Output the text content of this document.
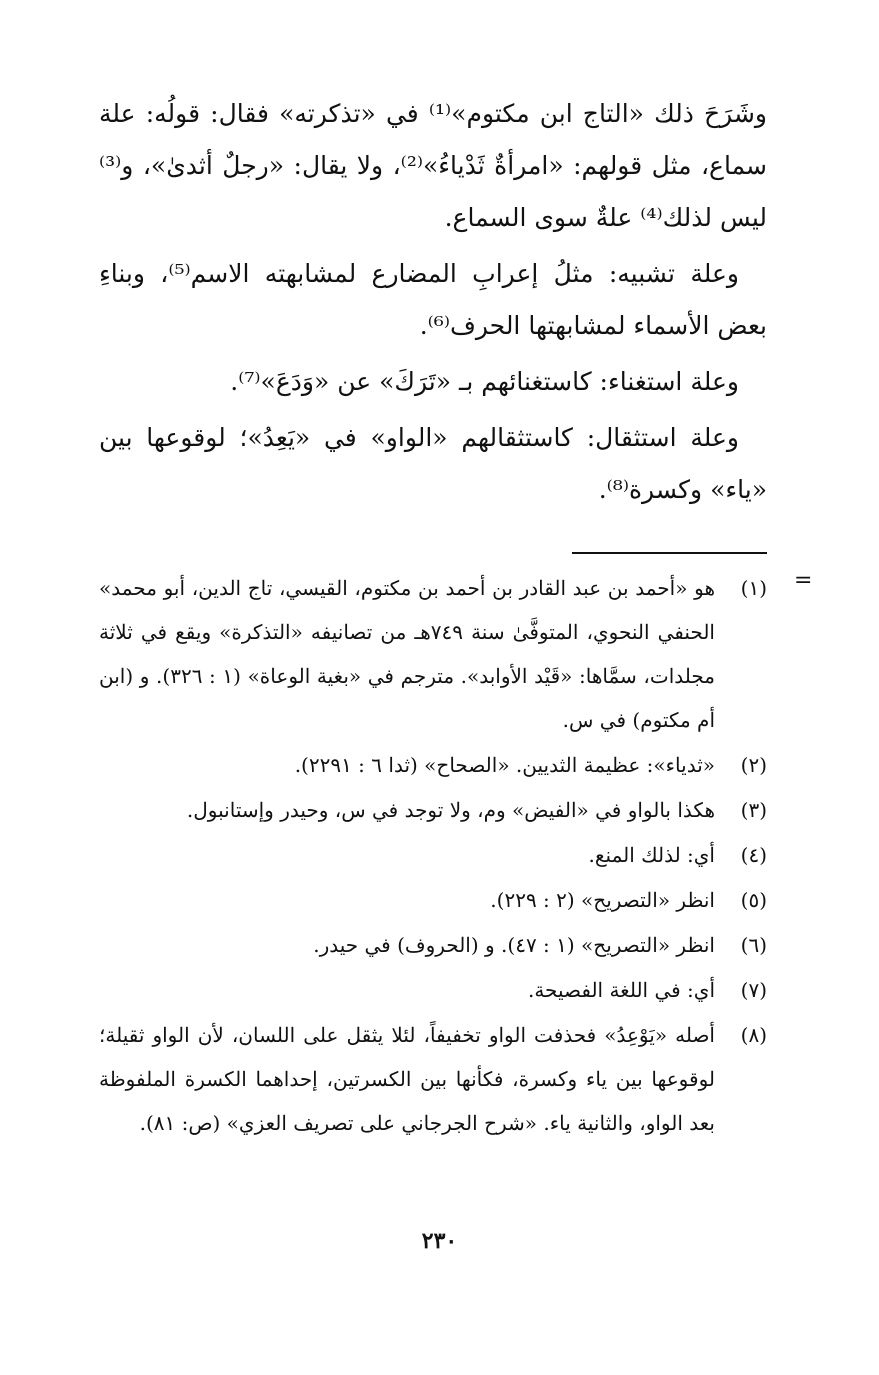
وشَرَحَ ذلك «التاج ابن مكتوم»⁽¹⁾ في «تذكرته» فقال: قولُه: علة سماع، مثل قولهم: «امرأةٌ ثَدْياءُ»⁽²⁾، ولا يقال: «رجلٌ أثدىٰ»، و⁽³⁾ ليس لذلك⁽⁴⁾ علةٌ سوى السماع.

وعلة تشبيه: مثلُ إعرابِ المضارع لمشابهته الاسم⁽⁵⁾، وبناءِ بعض الأسماء لمشابهتها الحرف⁽⁶⁾.

وعلة استغناء: كاستغنائهم بـ «تَرَكَ» عن «وَدَعَ»⁽⁷⁾.

وعلة استثقال: كاستثقالهم «الواو» في «يَعِدُ»؛ لوقوعها بين «ياء» وكسرة⁽⁸⁾.

=
(١)
هو «أحمد بن عبد القادر بن أحمد بن مكتوم، القيسي، تاج الدين، أبو محمد» الحنفي النحوي، المتوفَّىٰ سنة ٧٤٩هـ من تصانيفه «التذكرة» ويقع في ثلاثة مجلدات، سمَّاها: «قَيْد الأوابد». مترجم في «بغية الوعاة» (١ : ٣٢٦). و (ابن أم مكتوم) في س.
(٢)
«ثدياء»: عظيمة الثديين. «الصحاح» (ثدا ٦ : ٢٢٩١).
(٣)
هكذا بالواو في «الفيض» وم، ولا توجد في س، وحيدر وإستانبول.
(٤)
أي: لذلك المنع.
(٥)
انظر «التصريح» (٢ : ٢٢٩).
(٦)
انظر «التصريح» (١ : ٤٧). و (الحروف) في حيدر.
(٧)
أي: في اللغة الفصيحة.
(٨)
أصله «يَوْعِدُ» فحذفت الواو تخفيفاً، لئلا يثقل على اللسان، لأن الواو ثقيلة؛ لوقوعها بين ياء وكسرة، فكأنها بين الكسرتين، إحداهما الكسرة الملفوظة بعد الواو، والثانية ياء. «شرح الجرجاني على تصريف العزي» (ص: ٨١).
٢٣٠
